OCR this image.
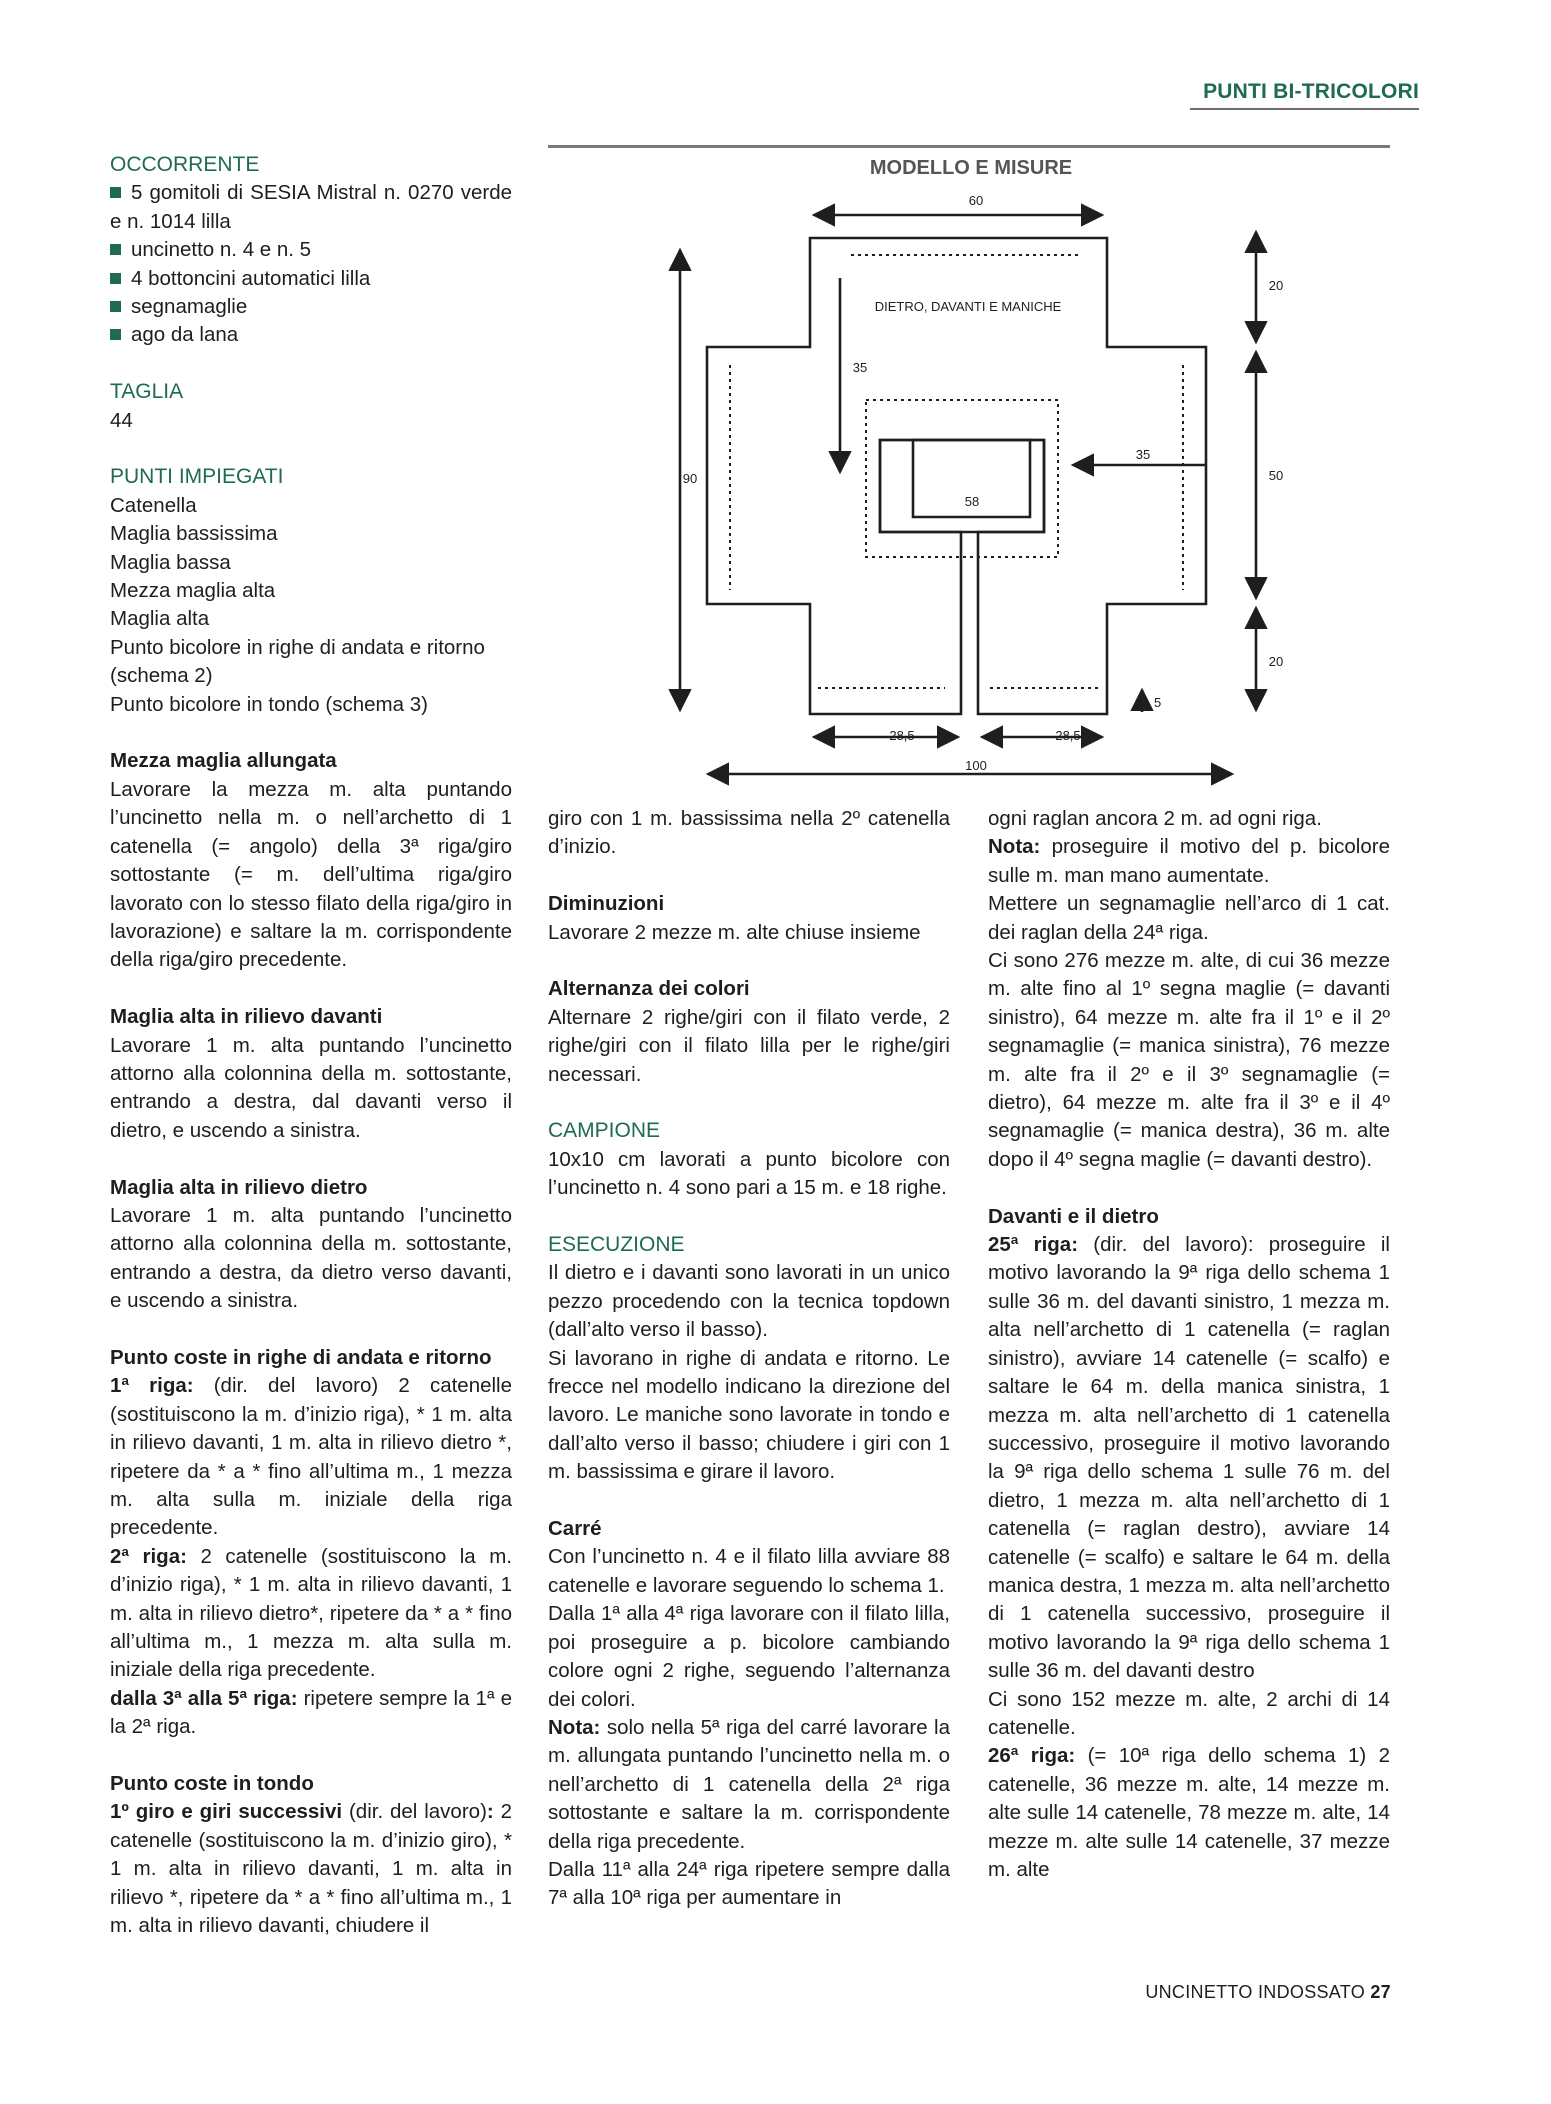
PUNTI BI-TRICOLORI

OCCORRENTE

5 gomitoli di SESIA Mistral n. 0270 verde e n. 1014 lilla

uncinetto n. 4 e n. 5

4 bottoncini automatici lilla

segnamaglie

ago da lana

TAGLIA

44

PUNTI IMPIEGATI

Catenella

Maglia bassissima

Maglia bassa

Mezza maglia alta

Maglia alta

Punto bicolore in righe di andata e ritorno (schema 2)

Punto bicolore in tondo (schema 3)

Mezza maglia allungata

Lavorare la mezza m. alta puntando l’uncinetto nella m. o nell’archetto di 1 catenella (= angolo) della 3ª riga/giro sottostante (= m. dell’ultima riga/giro lavorato con lo stesso filato della riga/giro in lavorazione) e saltare la m. corrispondente della riga/giro precedente.

Maglia alta in rilievo davanti

Lavorare 1 m. alta puntando l’uncinetto attorno alla colonnina della m. sottostante, entrando a destra, dal davanti verso il dietro, e uscendo a sinistra.

Maglia alta in rilievo dietro

Lavorare 1 m. alta puntando l’uncinetto attorno alla colonnina della m. sottostante, entrando a destra, da dietro verso davanti, e uscendo a sinistra.

Punto coste in righe di andata e ritorno

1ª riga: (dir. del lavoro) 2 catenelle (sostituiscono la m. d’inizio riga), * 1 m. alta in rilievo davanti, 1 m. alta in rilievo dietro *, ripetere da * a * fino all’ultima m., 1 mezza m. alta sulla m. iniziale della riga precedente.

2ª riga: 2 catenelle (sostituiscono la m. d’inizio riga), * 1 m. alta in rilievo davanti, 1 m. alta in rilievo dietro*, ripetere da * a * fino all’ultima m., 1 mezza m. alta sulla m. iniziale della riga precedente.

dalla 3ª alla 5ª riga: ripetere sempre la 1ª e la 2ª riga.

Punto coste in tondo

1º giro e giri successivi (dir. del lavoro): 2 catenelle (sostituiscono la m. d’inizio giro), * 1 m. alta in rilievo davanti, 1 m. alta in rilievo *, ripetere da * a * fino all’ultima m., 1 m. alta in rilievo davanti, chiudere il

giro con 1 m. bassissima nella 2º catenella d’inizio.

Diminuzioni

Lavorare 2 mezze m. alte chiuse insieme

Alternanza dei colori

Alternare 2 righe/giri con il filato verde, 2 righe/giri con il filato lilla per le righe/giri necessari.

CAMPIONE

10x10 cm lavorati a punto bicolore con l’uncinetto n. 4 sono pari a 15 m. e 18 righe.

ESECUZIONE

Il dietro e i davanti sono lavorati in un unico pezzo procedendo con la tecnica topdown (dall’alto verso il basso).

Si lavorano in righe di andata e ritorno. Le frecce nel modello indicano la direzione del lavoro. Le maniche sono lavorate in tondo e dall’alto verso il basso; chiudere i giri con 1 m. bassissima e girare il lavoro.

Carré

Con l’uncinetto n. 4 e il filato lilla avviare 88 catenelle e lavorare seguendo lo schema 1.

Dalla 1ª alla 4ª riga lavorare con il filato lilla, poi proseguire a p. bicolore cambiando colore ogni 2 righe, seguendo l’alternanza dei colori.

Nota: solo nella 5ª riga del carré lavorare la m. allungata puntando l’uncinetto nella m. o nell’archetto di 1 catenella della 2ª riga sottostante e saltare la m. corrispondente della riga precedente.

Dalla 11ª alla 24ª riga ripetere sempre dalla 7ª alla 10ª riga per aumentare in

ogni raglan ancora 2 m. ad ogni riga.

Nota: proseguire il motivo del p. bicolore sulle m. man mano aumentate.

Mettere un segnamaglie nell’arco di 1 cat. dei raglan della 24ª riga.

Ci sono 276 mezze m. alte, di cui 36 mezze m. alte fino al 1º segna maglie (= davanti sinistro), 64 mezze m. alte fra il 1º e il 2º segnamaglie (= manica sinistra), 76 mezze m. alte fra il 2º e il 3º segnamaglie (= dietro), 64 mezze m. alte fra il 3º e il 4º segnamaglie (= manica destra), 36 m. alte dopo il 4º segna maglie (= davanti destro).

Davanti e il dietro

25ª riga: (dir. del lavoro): proseguire il motivo lavorando la 9ª riga dello schema 1 sulle 36 m. del davanti sinistro, 1 mezza m. alta nell’archetto di 1 catenella (= raglan sinistro), avviare 14 catenelle (= scalfo) e saltare le 64 m. della manica sinistra, 1 mezza m. alta nell’archetto di 1 catenella successivo, proseguire il motivo lavorando la 9ª riga dello schema 1 sulle 76 m. del dietro, 1 mezza m. alta nell’archetto di 1 catenella (= raglan destro), avviare 14 catenelle (= scalfo) e saltare le 64 m. della manica destra, 1 mezza m. alta nell’archetto di 1 catenella successivo, proseguire il motivo lavorando la 9ª riga dello schema 1 sulle 36 m. del davanti destro

Ci sono 152 mezze m. alte, 2 archi di 14 catenelle.

26ª riga: (= 10ª riga dello schema 1) 2 catenelle, 36 mezze m. alte, 14 mezze m. alte sulle 14 catenelle, 78 mezze m. alte, 14 mezze m. alte sulle 14 catenelle, 37 mezze m. alte

MODELLO E MISURE
60
20
50
20
90
35
35
58
28,5	28,5
100
5
DIETRO, DAVANTI E MANICHE
UNCINETTO INDOSSATO 27
